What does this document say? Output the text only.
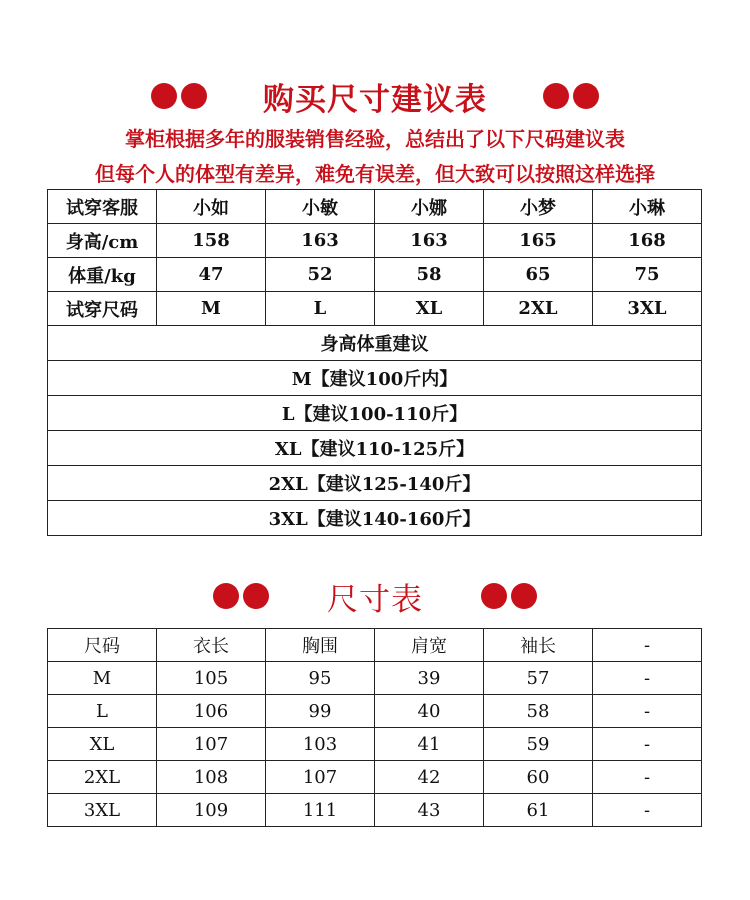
购买尺寸建议表
掌柜根据多年的服装销售经验，总结出了以下尺码建议表
但每个人的体型有差异，难免有误差，但大致可以按照这样选择
试穿客服	小如	小敏	小娜	小梦	小琳
身高/cm	158	163	163	165	168
体重/kg	47	52	58	65	75
试穿尺码	M	L	XL	2XL	3XL
身高体重建议					
M【建议100斤内】					
L【建议100-110斤】					
XL【建议110-125斤】					
2XL【建议125-140斤】					
3XL【建议140-160斤】					
尺寸表
尺码	衣长	胸围	肩宽	袖长	-
M	105	95	39	57	-
L	106	99	40	58	-
XL	107	103	41	59	-
2XL	108	107	42	60	-
3XL	109	111	43	61	-
